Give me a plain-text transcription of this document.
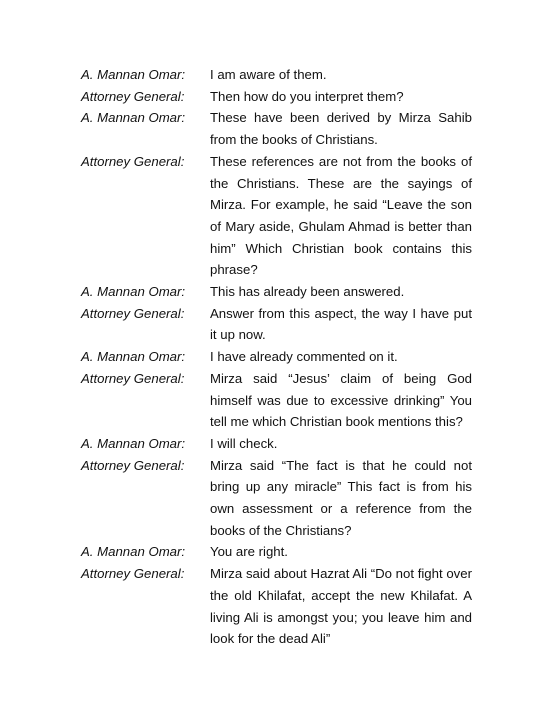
A. Mannan Omar:	I am aware of them.
Attorney General:	Then how do you interpret them?
A. Mannan Omar:	These have been derived by Mirza Sahib from the books of Christians.
Attorney General:	These references are not from the books of the Christians. These are the sayings of Mirza. For example, he said “Leave the son of Mary aside, Ghulam Ahmad is better than him” Which Christian book contains this phrase?
A. Mannan Omar:	This has already been answered.
Attorney General:	Answer from this aspect, the way I have put it up now.
A. Mannan Omar:	I have already commented on it.
Attorney General:	Mirza said “Jesus’ claim of being God himself was due to excessive drinking” You tell me which Christian book mentions this?
A. Mannan Omar:	I will check.
Attorney General:	Mirza said “The fact is that he could not bring up any miracle” This fact is from his own assessment or a reference from the books of the Christians?
A. Mannan Omar:	You are right.
Attorney General:	Mirza said about Hazrat Ali “Do not fight over the old Khilafat, accept the new Khilafat. A living Ali is amongst you; you leave him and look for the dead Ali”
